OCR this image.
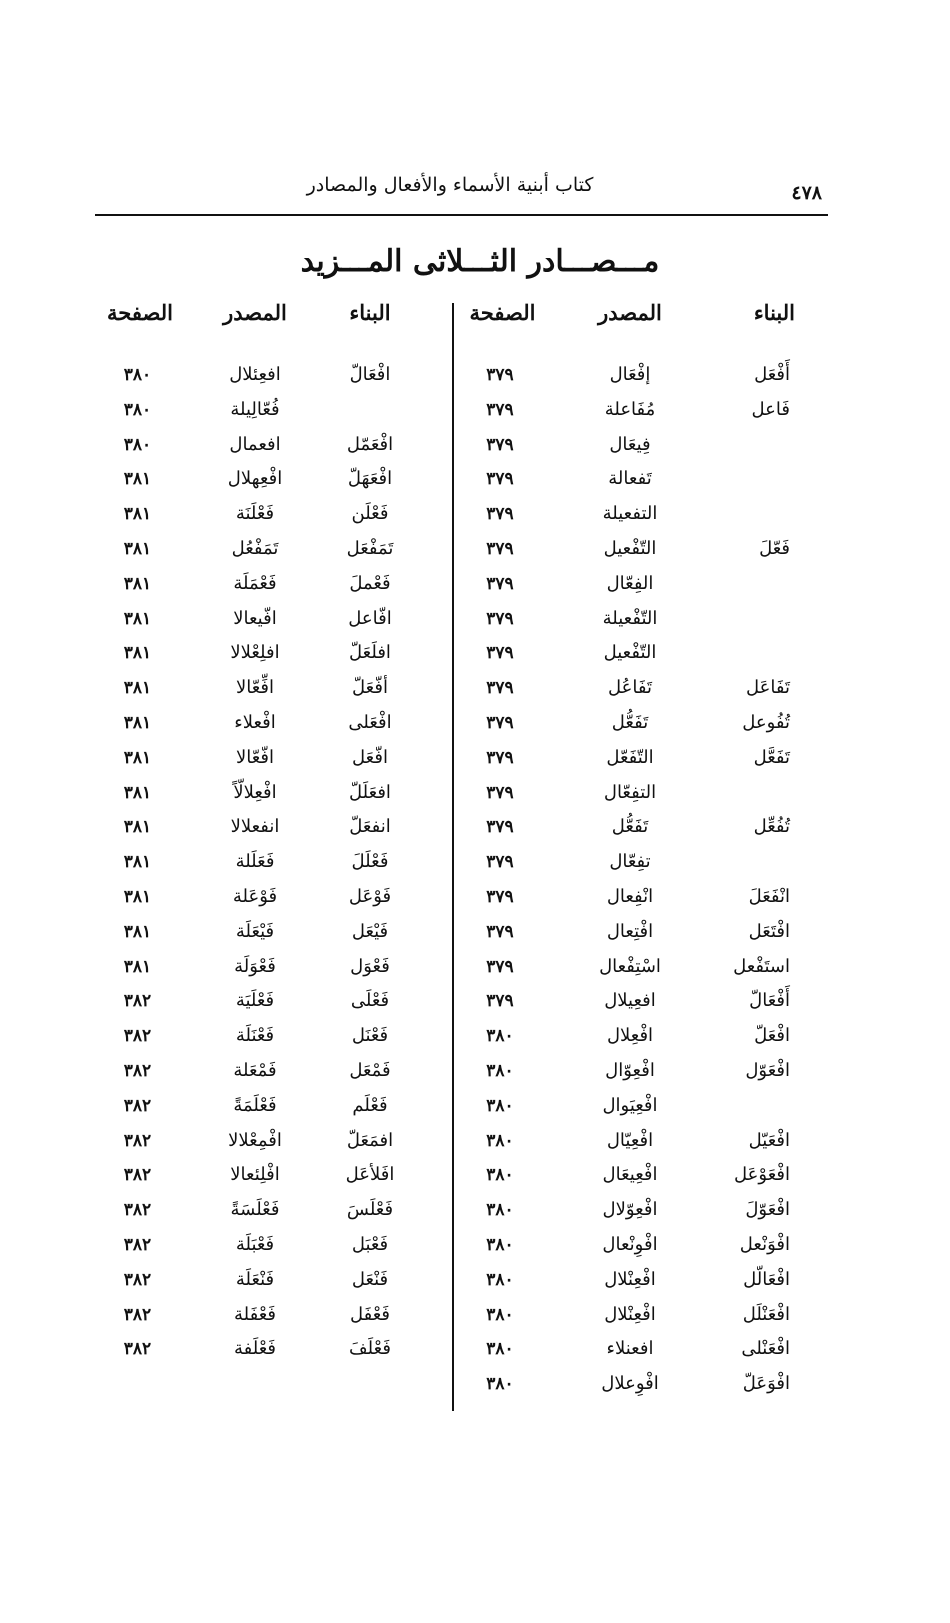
كتاب أبنية الأسماء والأفعال والمصادر	٤٧٨
مـــصـــادر الثـــلاثى المـــزيد
البناء
المصدر
الصفحة
أَفْعَل
إفْعَال
٣٧٩
فَاعل
مُفَاعلة
٣٧٩
فِيعَال
٣٧٩
تَفعالة
٣٧٩
التفعيلة
٣٧٩
فَعّلَ
التّفْعيل
٣٧٩
الفِعّال
٣٧٩
التّفْعيلة
٣٧٩
التّفْعيل
٣٧٩
تَفَاعَل
تَفَاعُل
٣٧٩
تُفُوعل
تَفَعُّل
٣٧٩
تَفَعَّل
التّفَعّل
٣٧٩
التفِعّال
٣٧٩
تُفُعِّل
تَفَعُّل
٣٧٩
تفِعّال
٣٧٩
انْفَعَلَ
انْفِعال
٣٧٩
افْتَعَل
افْتِعال
٣٧٩
استَفْعل
اسْتِفْعال
٣٧٩
أَفْعَالّ
افعِيلال
٣٧٩
افْعَلّ
افْعِلال
٣٨٠
افْعَوّل
افْعِوّال
٣٨٠
افْعِيَوال
٣٨٠
افْعَيّل
افْعِيّال
٣٨٠
افْعَوْعَل
افْعِيعَال
٣٨٠
افْعَوّلَ
افْعِوّلال
٣٨٠
افْوَنْعل
افْوِنْعال
٣٨٠
افْعَالّل
افْعِنْلال
٣٨٠
افْعَنْلَل
افْعِنْلال
٣٨٠
افْعَنْلى
افعنلاء
٣٨٠
افْوَعَلّ
افْوِعلال
٣٨٠
البناء
المصدر
الصفحة
افْعَالّ
افعِئلال
٣٨٠
فُعّالِيلة
٣٨٠
افْعَمّل
افعمال
٣٨٠
افْعَهَلّ
افْعِهلال
٣٨١
فَعْلَن
فَعْلَنَة
٣٨١
تَمَفْعَل
تَمَفْعُل
٣٨١
فَعْملَ
فَعْمَلَة
٣٨١
افّاعل
افّيعالا
٣٨١
افلَعَلّ
افلِعْلالا
٣٨١
أفّعَلّ
افِّعّالا
٣٨١
افْعَلى
افْعلاء
٣٨١
افّعَل
افّعّالا
٣٨١
افعَلَلّ
افْعِلالّاً
٣٨١
انفعَلّ
انفعلالا
٣٨١
فَعْلَلَ
فَعَلَلة
٣٨١
فَوْعَل
فَوْعَلة
٣٨١
فَيْعَل
فَيْعَلَة
٣٨١
فَعْوَل
فَعْوَلَة
٣٨١
فَعْلَى
فَعْلَيَة
٣٨٢
فَعْنَل
فَعْنَلَة
٣٨٢
فَمْعَل
فَمْعَلة
٣٨٢
فَعْلَم
فَعْلَمَةً
٣٨٢
افمَعَلّ
افْمِعْلالا
٣٨٢
افَلأعَل
افْلِئعالا
٣٨٢
فَعْلَسَ
فَعْلَسَةً
٣٨٢
فَعْبَل
فَعْبَلَة
٣٨٢
فَنْعَل
فَنْعَلَة
٣٨٢
فَعْفَل
فَعْفَلة
٣٨٢
فَعْلَفَ
فَعْلَفة
٣٨٢
